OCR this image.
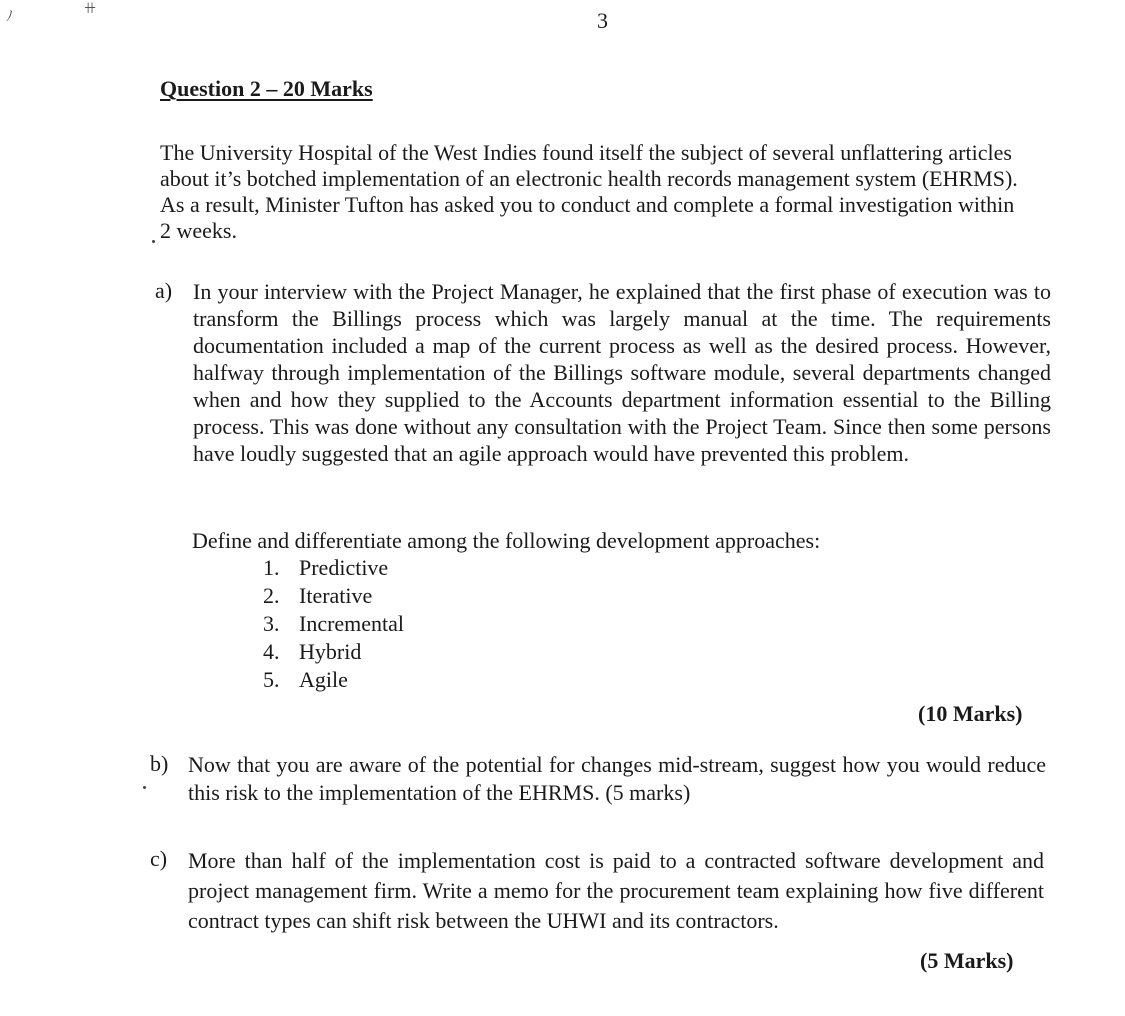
ﾉ
ꔠ	3
Question 2 – 20 Marks

The University Hospital of the West Indies found itself the subject of several unflattering articles about it’s botched implementation of an electronic health records management system (EHRMS). As a result, Minister Tufton has asked you to conduct and complete a formal investigation within 2 weeks.

a) In your interview with the Project Manager, he explained that the first phase of execution was to transform the Billings process which was largely manual at the time. The requirements documentation included a map of the current process as well as the desired process. However, halfway through implementation of the Billings software module, several departments changed when and how they supplied to the Accounts department information essential to the Billing process. This was done without any consultation with the Project Team. Since then some persons have loudly suggested that an agile approach would have prevented this problem.

Define and differentiate among the following development approaches:
1. Predictive
2. Iterative
3. Incremental
4. Hybrid
5. Agile
(10 Marks)
b) Now that you are aware of the potential for changes mid-stream, suggest how you would reduce this risk to the implementation of the EHRMS. (5 marks)

c) More than half of the implementation cost is paid to a contracted software development and project management firm. Write a memo for the procurement team explaining how five different contract types can shift risk between the UHWI and its contractors.

(5 Marks)
